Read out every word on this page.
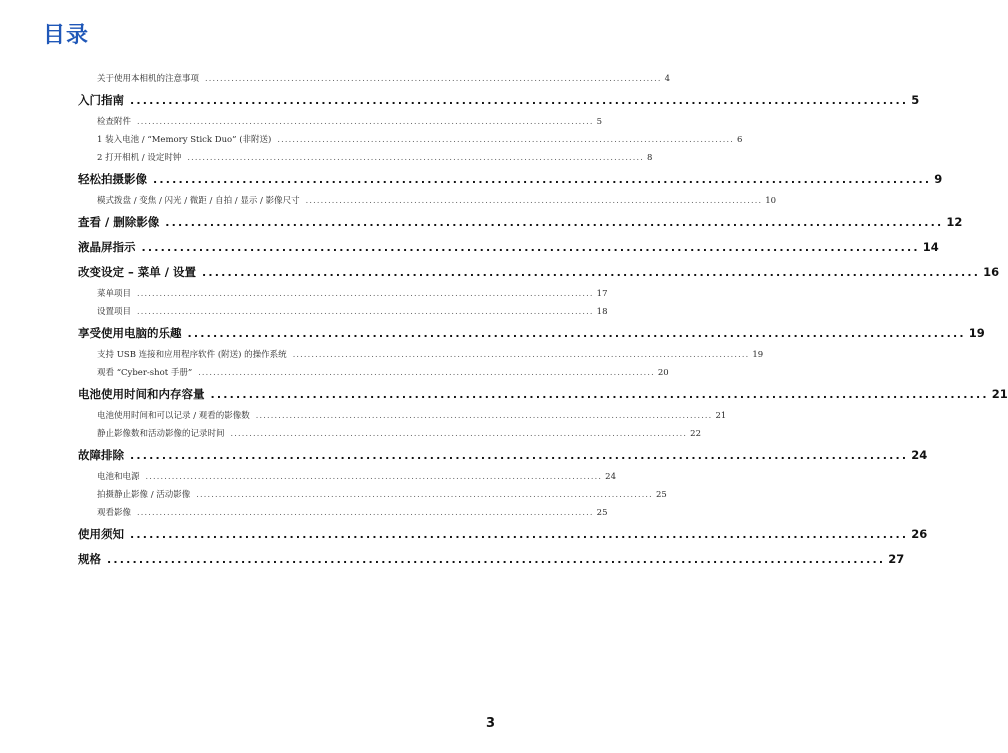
目录
关于使用本相机的注意事项 .......................................................................................................................... 4
入门指南 .......................................................................................................................... 5
检查附件 .......................................................................................................................... 5
1 装入电池 / “Memory Stick Duo” (非附送) .......................................................................................................................... 6
2 打开相机 / 设定时钟 .......................................................................................................................... 8
轻松拍摄影像 .......................................................................................................................... 9
模式拨盘 / 变焦 / 闪光 / 微距 / 自拍 / 显示 / 影像尺寸 .......................................................................................................................... 10
查看 / 删除影像 .......................................................................................................................... 12
液晶屏指示 .......................................................................................................................... 14
改变设定 – 菜单 / 设置 .......................................................................................................................... 16
菜单项目 .......................................................................................................................... 17
设置项目 .......................................................................................................................... 18
享受使用电脑的乐趣 .......................................................................................................................... 19
支持 USB 连接和应用程序软件 (附送) 的操作系统 .......................................................................................................................... 19
观看 “Cyber-shot 手册” .......................................................................................................................... 20
电池使用时间和内存容量 .......................................................................................................................... 21
电池使用时间和可以记录 / 观看的影像数 .......................................................................................................................... 21
静止影像数和活动影像的记录时间 .......................................................................................................................... 22
故障排除 .......................................................................................................................... 24
电池和电源 .......................................................................................................................... 24
拍摄静止影像 / 活动影像 .......................................................................................................................... 25
观看影像 .......................................................................................................................... 25
使用须知 .......................................................................................................................... 26
规格 .......................................................................................................................... 27
3
